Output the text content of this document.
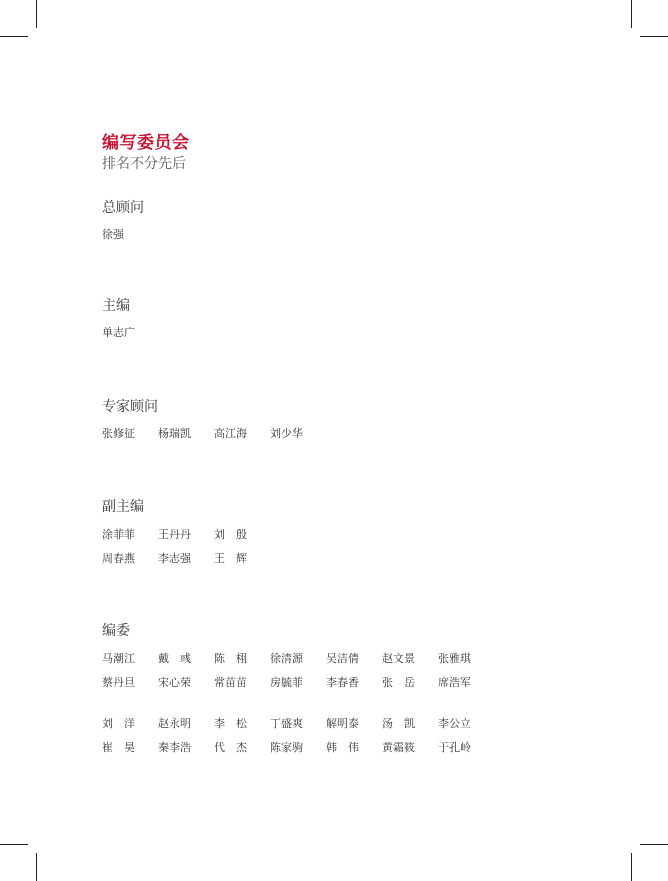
编写委员会
排名不分先后
总顾问
徐强
主编
单志广
专家顾问
张修征	杨瑞凯	高江海	刘少华
副主编
涂菲菲	王丹丹	刘　殷
周春燕	李志强	王　辉
编委
马潮江	戴　彧	陈　栩	徐清源	吴洁倩	赵文景	张雅琪
蔡丹旦	宋心荣	常苗苗	房毓菲	李春香	张　岳	席浩军
刘　洋	赵永明	李　松	丁盛爽	解明泰	汤　凯	李公立
崔　昊	秦李浩	代　杰	陈家驹	韩　伟	黄霜筱	于孔岭
